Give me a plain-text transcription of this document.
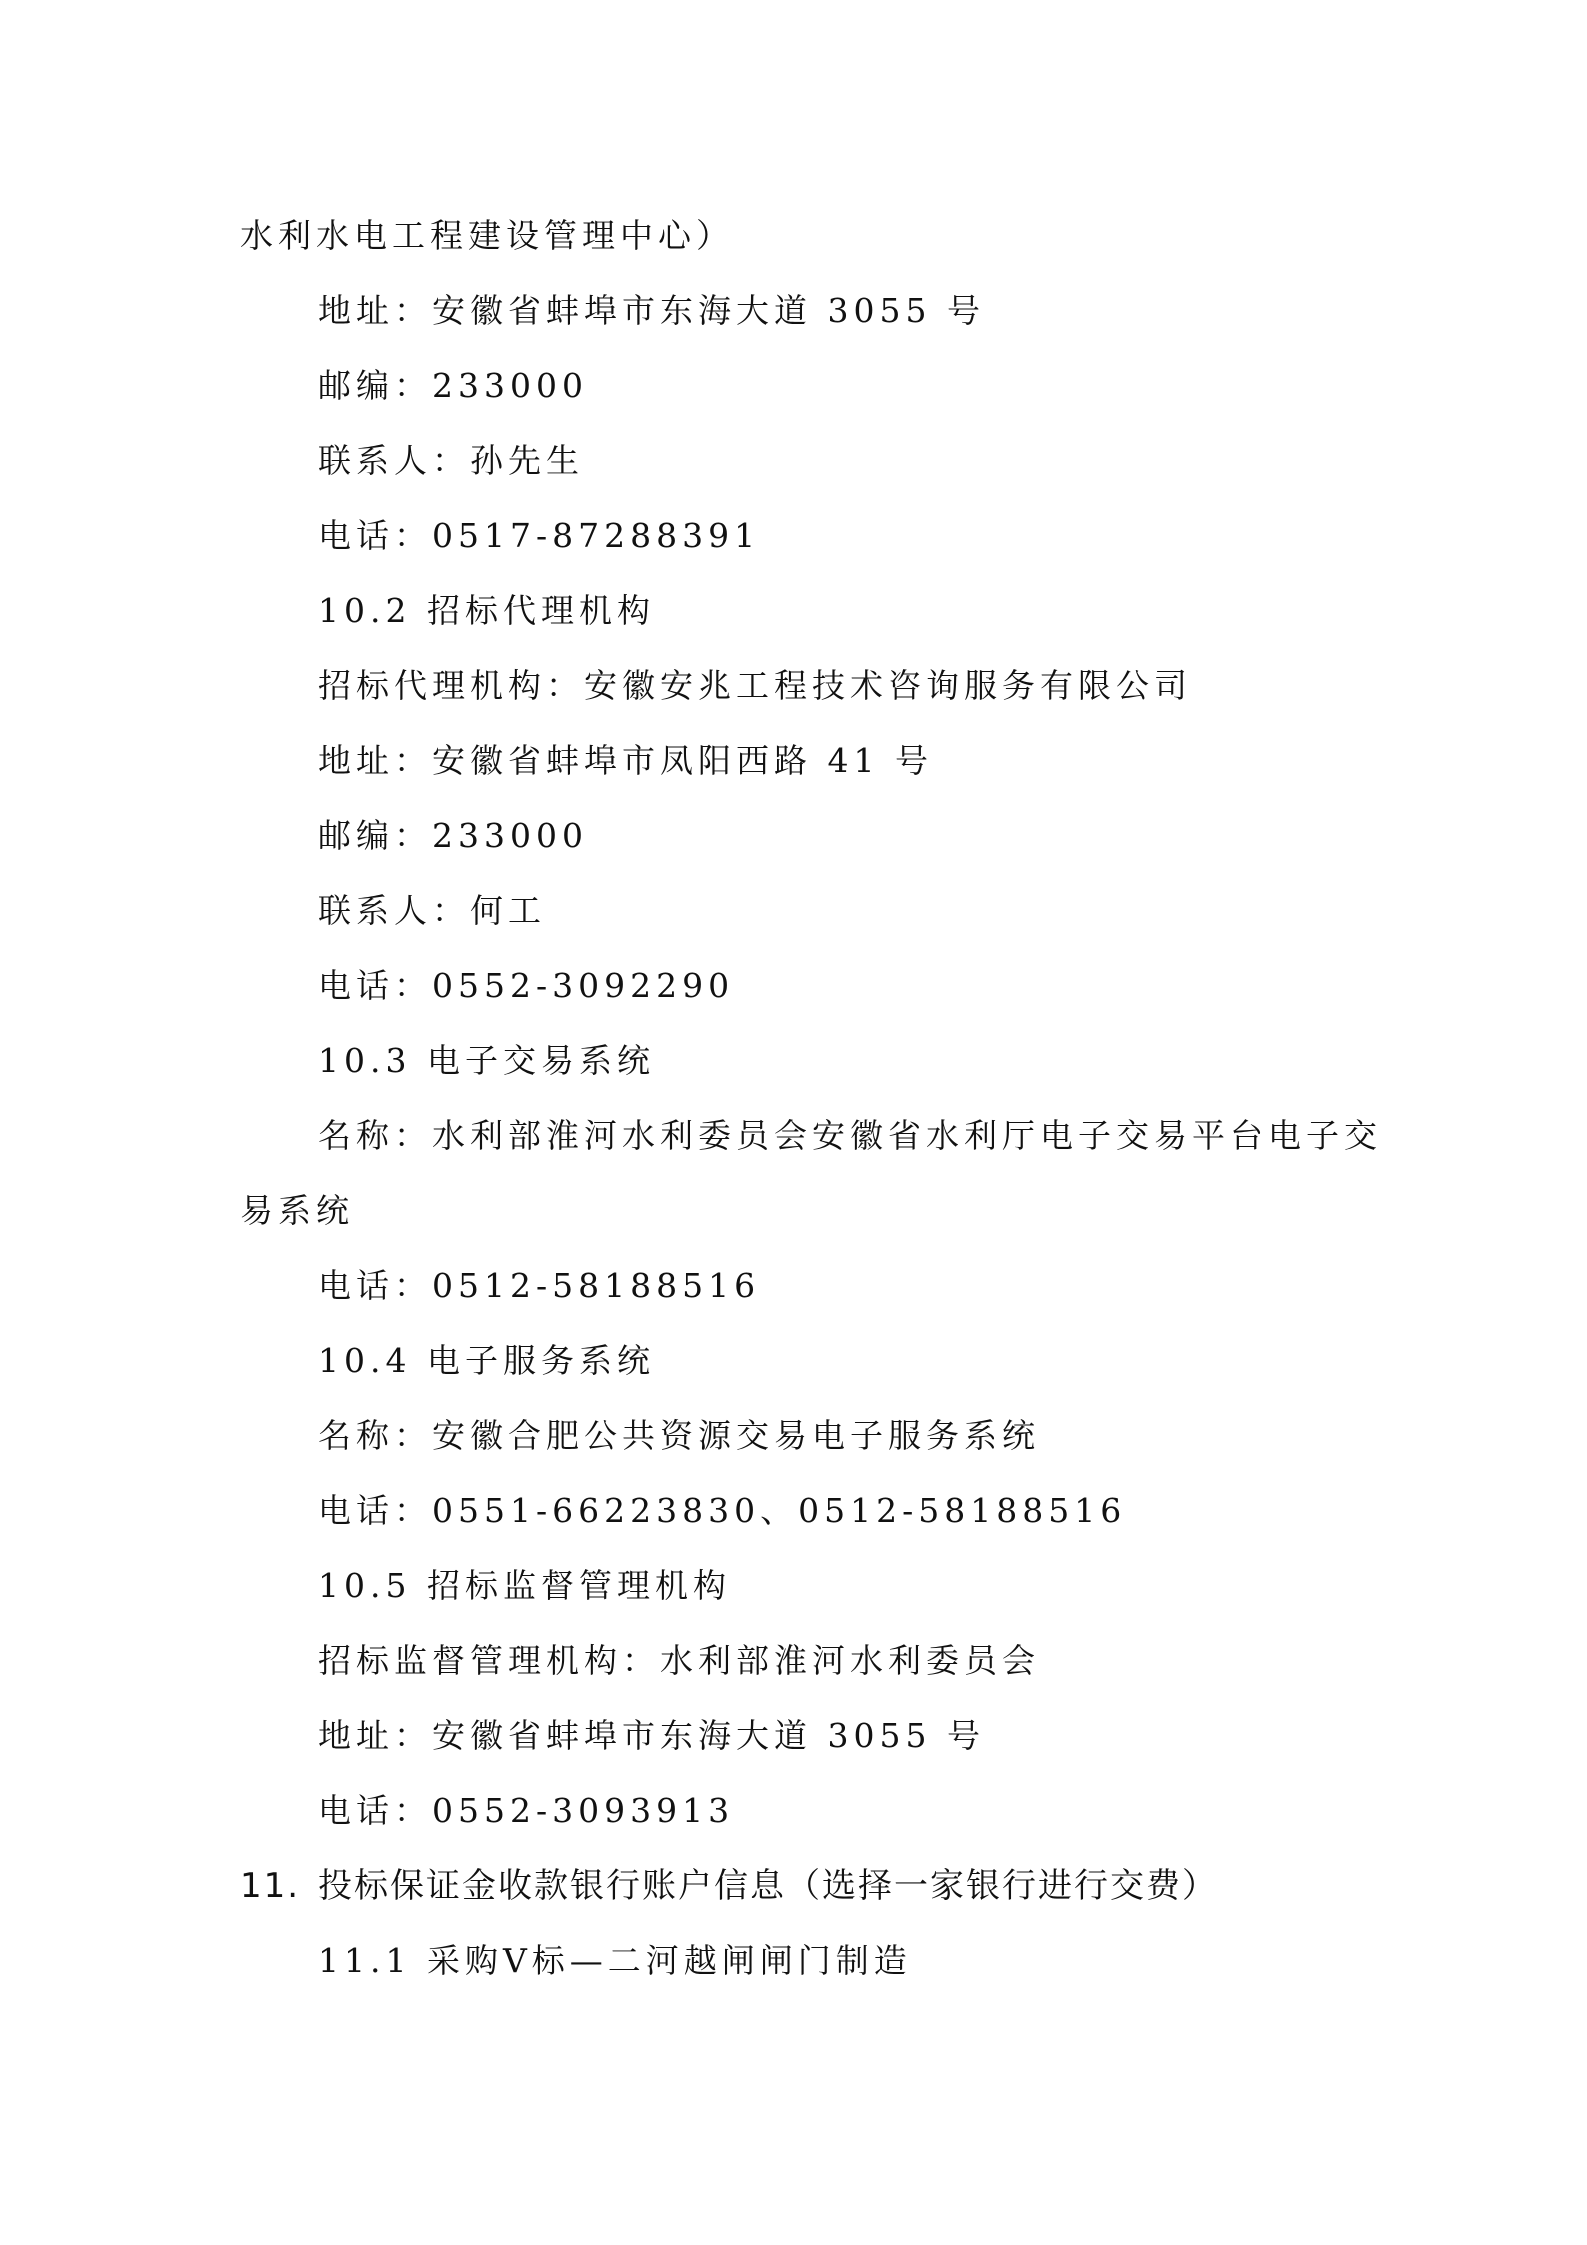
水利水电工程建设管理中心）
地址：安徽省蚌埠市东海大道 3055 号
邮编：233000
联系人：孙先生
电话：0517-87288391
10.2 招标代理机构
招标代理机构：安徽安兆工程技术咨询服务有限公司
地址：安徽省蚌埠市凤阳西路 41 号
邮编：233000
联系人：何工
电话：0552-3092290
10.3 电子交易系统
名称：水利部淮河水利委员会安徽省水利厅电子交易平台电子交
易系统
电话：0512-58188516
10.4 电子服务系统
名称：安徽合肥公共资源交易电子服务系统
电话：0551-66223830、0512-58188516
10.5 招标监督管理机构
招标监督管理机构：水利部淮河水利委员会
地址：安徽省蚌埠市东海大道 3055 号
电话：0552-3093913
11. 投标保证金收款银行账户信息（选择一家银行进行交费）
11.1 采购Ⅴ标—二河越闸闸门制造
